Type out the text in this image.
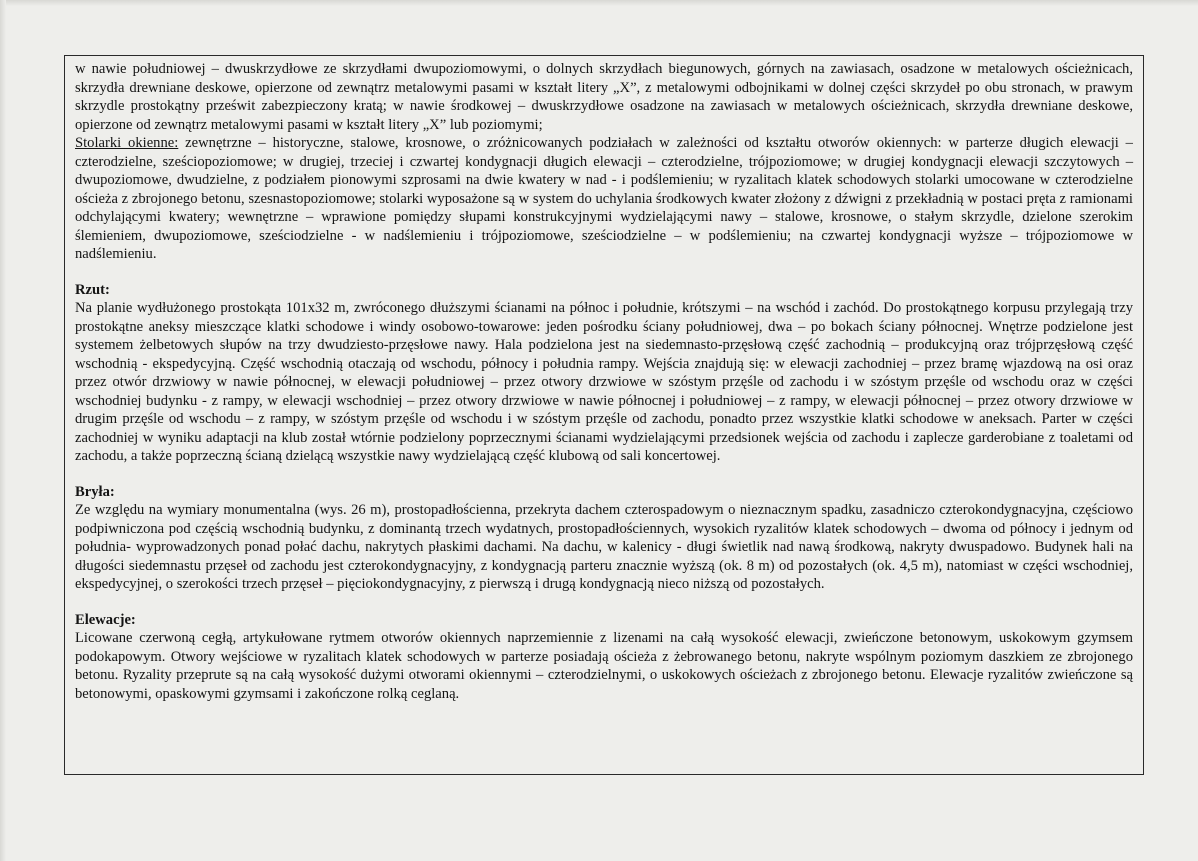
w nawie południowej – dwuskrzydłowe ze skrzydłami dwupoziomowymi, o dolnych skrzydłach biegunowych, górnych na zawiasach, osadzone w metalowych ościeżnicach, skrzydła drewniane deskowe, opierzone od zewnątrz metalowymi pasami w kształt litery „X”, z metalowymi odbojnikami w dolnej części skrzydeł po obu stronach, w prawym skrzydle prostokątny prześwit zabezpieczony kratą; w nawie środkowej – dwuskrzydłowe osadzone na zawiasach w metalowych ościeżnicach, skrzydła drewniane deskowe, opierzone od zewnątrz metalowymi pasami w kształt litery „X” lub poziomymi;

Stolarki okienne: zewnętrzne – historyczne, stalowe, krosnowe, o zróżnicowanych podziałach w zależności od kształtu otworów okiennych: w parterze długich elewacji – czterodzielne, sześciopoziomowe; w drugiej, trzeciej i czwartej kondygnacji długich elewacji – czterodzielne, trójpoziomowe; w drugiej kondygnacji elewacji szczytowych – dwupoziomowe, dwudzielne, z podziałem pionowymi szprosami na dwie kwatery w nad - i podślemieniu; w ryzalitach klatek schodowych stolarki umocowane w czterodzielne ościeża z zbrojonego betonu, szesnastopoziomowe; stolarki wyposażone są w system do uchylania środkowych kwater złożony z dźwigni z przekładnią w postaci pręta z ramionami odchylającymi kwatery; wewnętrzne – wprawione pomiędzy słupami konstrukcyjnymi wydzielającymi nawy – stalowe, krosnowe, o stałym skrzydle, dzielone szerokim ślemieniem, dwupoziomowe, sześciodzielne - w nadślemieniu i trójpoziomowe, sześciodzielne – w podślemieniu; na czwartej kondygnacji wyższe – trójpoziomowe w nadślemieniu.

Rzut:

Na planie wydłużonego prostokąta 101x32 m, zwróconego dłuższymi ścianami na północ i południe, krótszymi – na wschód i zachód. Do prostokątnego korpusu przylegają trzy prostokątne aneksy mieszczące klatki schodowe i windy osobowo-towarowe: jeden pośrodku ściany południowej, dwa – po bokach ściany północnej. Wnętrze podzielone jest systemem żelbetowych słupów na trzy dwudziesto-przęsłowe nawy. Hala podzielona jest na siedemnasto-przęsłową część zachodnią – produkcyjną oraz trójprzęsłową część wschodnią - ekspedycyjną. Część wschodnią otaczają od wschodu, północy i południa rampy. Wejścia znajdują się: w elewacji zachodniej – przez bramę wjazdową na osi oraz przez otwór drzwiowy w nawie północnej, w elewacji południowej – przez otwory drzwiowe w szóstym przęśle od zachodu i w szóstym przęśle od wschodu oraz w części wschodniej budynku - z rampy, w elewacji wschodniej – przez otwory drzwiowe w nawie północnej i południowej – z rampy, w elewacji północnej – przez otwory drzwiowe w drugim przęśle od wschodu – z rampy, w szóstym przęśle od wschodu i w szóstym przęśle od zachodu, ponadto przez wszystkie klatki schodowe w aneksach. Parter w części zachodniej w wyniku adaptacji na klub został wtórnie podzielony poprzecznymi ścianami wydzielającymi przedsionek wejścia od zachodu i zaplecze garderobiane z toaletami od zachodu, a także poprzeczną ścianą dzielącą wszystkie nawy wydzielającą część klubową od sali koncertowej.

Bryła:

Ze względu na wymiary monumentalna (wys. 26 m), prostopadłościenna, przekryta dachem czterospadowym o nieznacznym spadku, zasadniczo czterokondygnacyjna, częściowo podpiwniczona pod częścią wschodnią budynku, z dominantą trzech wydatnych, prostopadłościennych, wysokich ryzalitów klatek schodowych – dwoma od północy i jednym od południa- wyprowadzonych ponad połać dachu, nakrytych płaskimi dachami. Na dachu, w kalenicy - długi świetlik nad nawą środkową, nakryty dwuspadowo. Budynek hali na długości siedemnastu przęseł od zachodu jest czterokondygnacyjny, z kondygnacją parteru znacznie wyższą (ok. 8 m) od pozostałych (ok. 4,5 m), natomiast w części wschodniej, ekspedycyjnej, o szerokości trzech przęseł – pięciokondygnacyjny, z pierwszą i drugą kondygnacją nieco niższą od pozostałych.

Elewacje:

Licowane czerwoną cegłą, artykułowane rytmem otworów okiennych naprzemiennie z lizenami na całą wysokość elewacji, zwieńczone betonowym, uskokowym gzymsem podokapowym. Otwory wejściowe w ryzalitach klatek schodowych w parterze posiadają ościeża z żebrowanego betonu, nakryte wspólnym poziomym daszkiem ze zbrojonego betonu. Ryzality przeprute są na całą wysokość dużymi otworami okiennymi – czterodzielnymi, o uskokowych ościeżach z zbrojonego betonu. Elewacje ryzalitów zwieńczone są betonowymi, opaskowymi gzymsami i zakończone rolką ceglaną.
